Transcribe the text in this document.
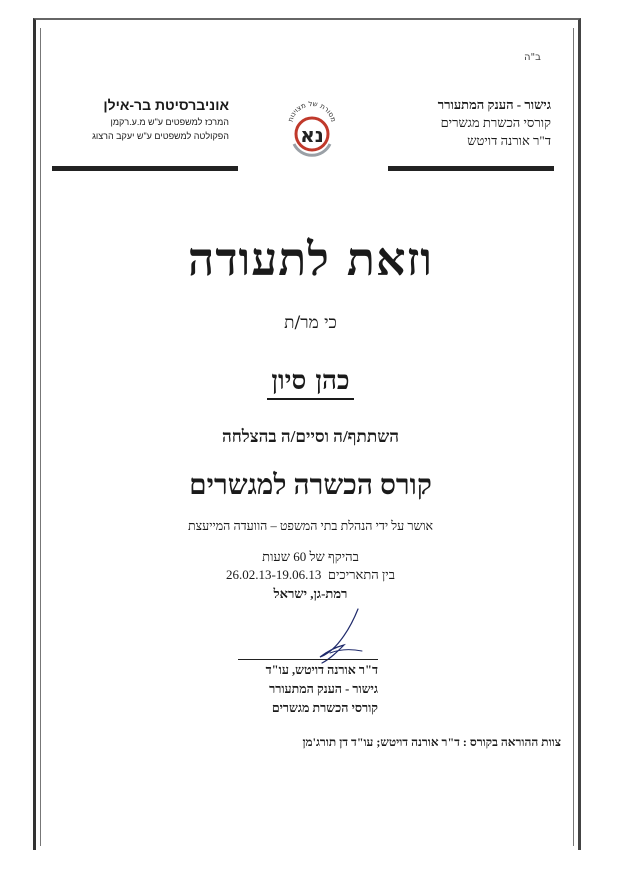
ב"ה
גישור - הענק המתעורר
קורסי הכשרת מגשרים
ד"ר אורנה דויטש
אוניברסיטת בר-אילן
המרכז למשפטים ע"ש מ.ע.רקמן
הפקולטה למשפטים ע"ש יעקב הרצוג
מסורת של מצוינות
נא
וזאת לתעודה
כי מר/ת
כהן סיון
השתתף/ה וסיים/ה בהצלחה
קורס הכשרה למגשרים
אושר על ידי הנהלת בתי המשפט – הוועדה המייעצת
בהיקף של 60 שעות
בין התאריכים  26.02.13-19.06.13
רמת-גן, ישראל
ד"ר אורנה דויטש, עו"ד
גישור - הענק המתעורר
קורסי הכשרת מגשרים
צוות ההוראה בקורס : ד"ר אורנה דויטש; עו"ד דן תורג'מן
